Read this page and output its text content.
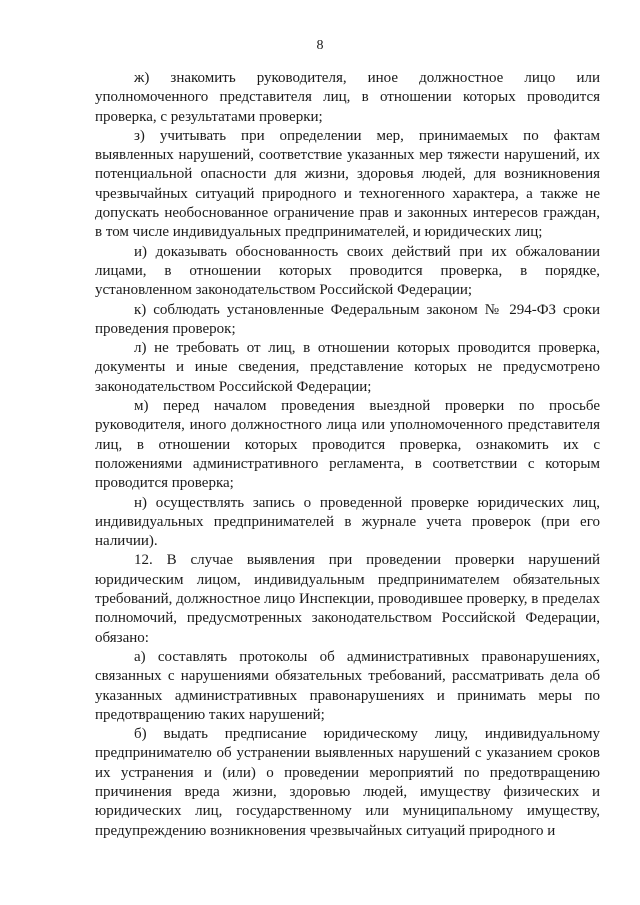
8

ж) знакомить руководителя, иное должностное лицо или уполномоченного представителя лиц, в отношении которых проводится проверка, с результатами проверки;

з) учитывать при определении мер, принимаемых по фактам выявленных нарушений, соответствие указанных мер тяжести нарушений, их потенциальной опасности для жизни, здоровья людей, для возникновения чрезвычайных ситуаций природного и техногенного характера, а также не допускать необоснованное ограничение прав и законных интересов граждан, в том числе индивидуальных предпринимателей, и юридических лиц;

и) доказывать обоснованность своих действий при их обжаловании лицами, в отношении которых проводится проверка, в порядке, установленном законодательством Российской Федерации;

к) соблюдать установленные Федеральным законом № 294-ФЗ сроки проведения проверок;

л) не требовать от лиц, в отношении которых проводится проверка, документы и иные сведения, представление которых не предусмотрено законодательством Российской Федерации;

м) перед началом проведения выездной проверки по просьбе руководителя, иного должностного лица или уполномоченного представителя лиц, в отношении которых проводится проверка, ознакомить их с положениями административного регламента, в соответствии с которым проводится проверка;

н) осуществлять запись о проведенной проверке юридических лиц, индивидуальных предпринимателей в журнале учета проверок (при его наличии).

12. В случае выявления при проведении проверки нарушений юридическим лицом, индивидуальным предпринимателем обязательных требований, должностное лицо Инспекции, проводившее проверку, в пределах полномочий, предусмотренных законодательством Российской Федерации, обязано:

а) составлять протоколы об административных правонарушениях, связанных с нарушениями обязательных требований, рассматривать дела об указанных административных правонарушениях и принимать меры по предотвращению таких нарушений;

б) выдать предписание юридическому лицу, индивидуальному предпринимателю об устранении выявленных нарушений с указанием сроков их устранения и (или) о проведении мероприятий по предотвращению причинения вреда жизни, здоровью людей, имуществу физических и юридических лиц, государственному или муниципальному имуществу, предупреждению возникновения чрезвычайных ситуаций природного и
